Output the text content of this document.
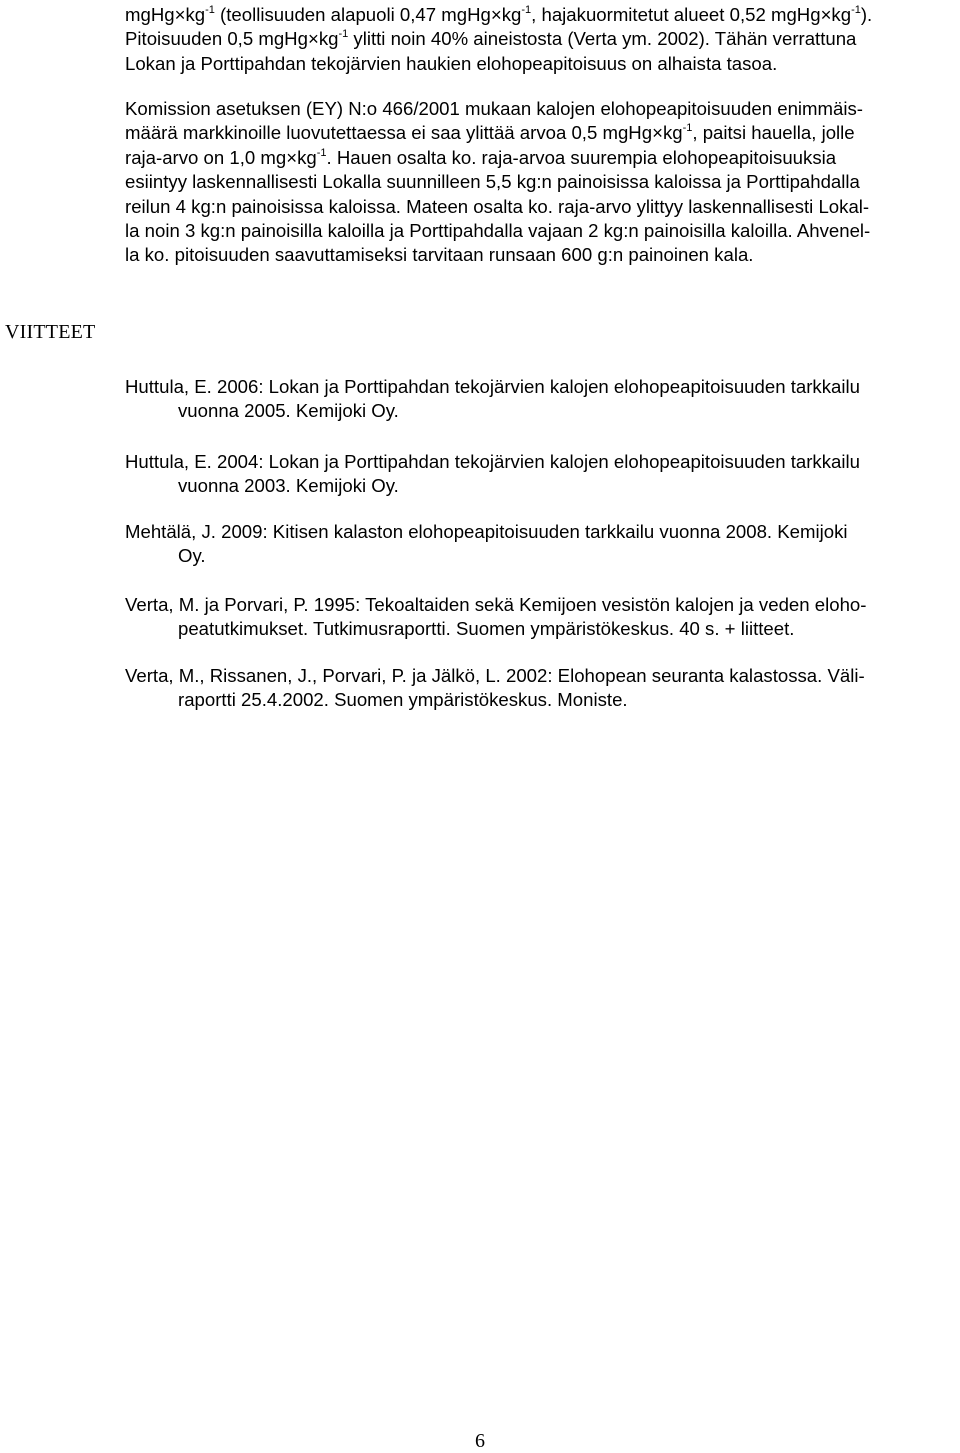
$mgHg\times kg^{-1}$ (teollisuuden alapuoli 0,47 $mgHg\times kg^{-1}$, hajakuormitetut alueet 0,52 $mgHg\times kg^{-1}$).
Pitoisuuden 0,5 $mgHg\times kg^{-1}$ ylitti noin 40% aineistosta (Verta ym. 2002). Tähän verrattuna
Lokan ja Porttipahdan tekojärvien haukien elohopeapitoisuus on alhaista tasoa.
Komission asetuksen (EY) N:o 466/2001 mukaan kalojen elohopeapitoisuuden enimmäis-
määrä markkinoille luovutettaessa ei saa ylittää arvoa 0,5 $mgHg\times kg^{-1}$, paitsi hauella, jolle
raja-arvo on 1,0 $mg\times kg^{-1}$. Hauen osalta ko. raja-arvoa suurempia elohopeapitoisuuksia
esiintyy laskennallisesti Lokalla suunnilleen 5,5 kg:n painoisissa kaloissa ja Porttipahdalla
reilun 4 kg:n painoisissa kaloissa. Mateen osalta ko. raja-arvo ylittyy laskennallisesti Lokal-
la noin 3 kg:n painoisilla kaloilla ja Porttipahdalla vajaan 2 kg:n painoisilla kaloilla. Ahvenel-
la ko. pitoisuuden saavuttamiseksi tarvitaan runsaan 600 g:n painoinen kala.
VIITTEET
Huttula, E. 2006: Lokan ja Porttipahdan tekojärvien kalojen elohopeapitoisuuden tarkkailu
vuonna 2005. Kemijoki Oy.
Huttula, E. 2004: Lokan ja Porttipahdan tekojärvien kalojen elohopeapitoisuuden tarkkailu
vuonna 2003. Kemijoki Oy.
Mehtälä, J. 2009: Kitisen kalaston elohopeapitoisuuden tarkkailu vuonna 2008. Kemijoki
Oy.
Verta, M. ja Porvari, P. 1995: Tekoaltaiden sekä Kemijoen vesistön kalojen ja veden eloho-
peatutkimukset. Tutkimusraportti. Suomen ympäristökeskus. 40 s. + liitteet.
Verta, M., Rissanen, J., Porvari, P. ja Jälkö, L. 2002: Elohopean seuranta kalastossa. Väli-
raportti 25.4.2002. Suomen ympäristökeskus. Moniste.

6
